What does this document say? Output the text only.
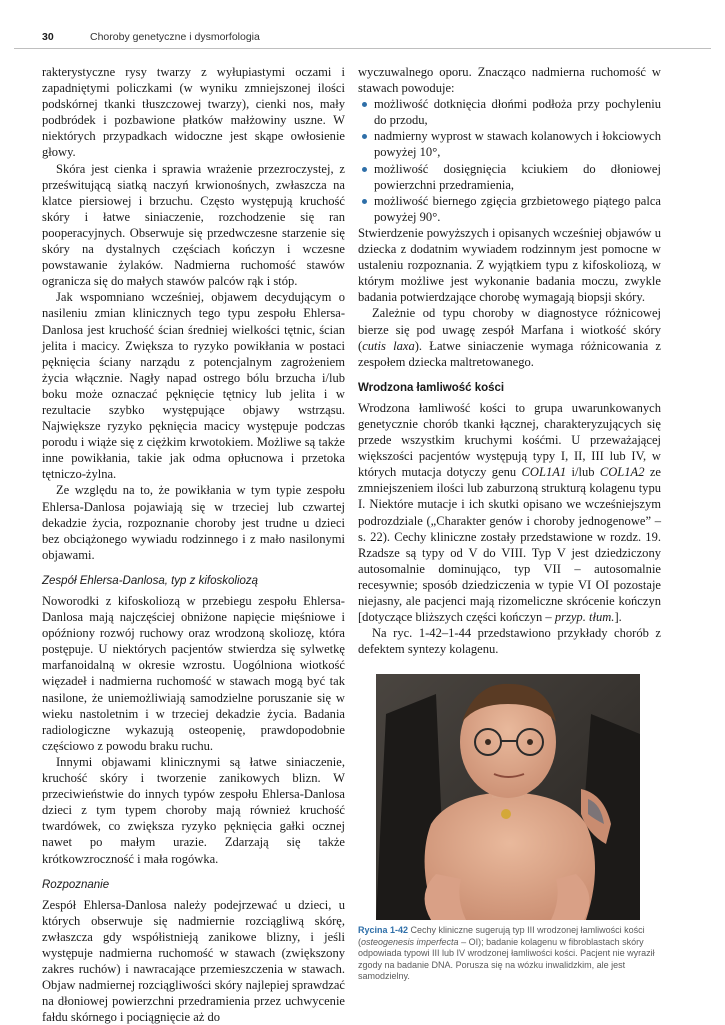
30	Choroby genetyczne i dysmorfologia

rakterystyczne rysy twarzy z wyłupiastymi oczami i zapadniętymi policzkami (w wyniku zmniejszonej ilości podskórnej tkanki tłuszczowej twarzy), cienki nos, mały podbródek i pozbawione płatków małżowiny uszne. W niektórych przypadkach widoczne jest skąpe owłosienie głowy.

Skóra jest cienka i sprawia wrażenie przezroczystej, z prześwitującą siatką naczyń krwionośnych, zwłaszcza na klatce piersiowej i brzuchu. Często występują kruchość skóry i łatwe siniaczenie, rozchodzenie się ran pooperacyjnych. Obserwuje się przedwczesne starzenie się skóry na dystalnych częściach kończyn i wczesne powstawanie żylaków. Nadmierna ruchomość stawów ogranicza się do małych stawów palców rąk i stóp.

Jak wspomniano wcześniej, objawem decydującym o nasileniu zmian klinicznych tego typu zespołu Ehlersa-Danlosa jest kruchość ścian średniej wielkości tętnic, ścian jelita i macicy. Zwiększa to ryzyko powikłania w postaci pęknięcia ściany narządu z potencjalnym zagrożeniem życia włącznie. Nagły napad ostrego bólu brzucha i/lub boku może oznaczać pęknięcie tętnicy lub jelita i w rezultacie szybko występujące objawy wstrząsu. Największe ryzyko pęknięcia macicy występuje podczas porodu i wiąże się z ciężkim krwotokiem. Możliwe są także inne powikłania, takie jak odma opłucnowa i przetoka tętniczo-żylna.

Ze względu na to, że powikłania w tym typie zespołu Ehlersa-Danlosa pojawiają się w trzeciej lub czwartej dekadzie życia, rozpoznanie choroby jest trudne u dzieci bez obciążonego wywiadu rodzinnego i z mało nasilonymi objawami.

Zespół Ehlersa-Danlosa, typ z kifoskoliozą

Noworodki z kifoskoliozą w przebiegu zespołu Ehlersa-Danlosa mają najczęściej obniżone napięcie mięśniowe i opóźniony rozwój ruchowy oraz wrodzoną skoliozę, która postępuje. U niektórych pacjentów stwierdza się sylwetkę marfanoidalną w okresie wzrostu. Uogólniona wiotkość więzadeł i nadmierna ruchomość w stawach mogą być tak nasilone, że uniemożliwiają samodzielne poruszanie się w wieku nastoletnim i w trzeciej dekadzie życia. Badania radiologiczne wykazują osteopenię, prawdopodobnie częściowo z powodu braku ruchu.

Innymi objawami klinicznymi są łatwe siniaczenie, kruchość skóry i tworzenie zanikowych blizn. W przeciwieństwie do innych typów zespołu Ehlersa-Danlosa dzieci z tym typem choroby mają również kruchość twardówek, co zwiększa ryzyko pęknięcia gałki ocznej nawet po małym urazie. Zdarzają się także krótkowzroczność i mała rogówka.

Rozpoznanie

Zespół Ehlersa-Danlosa należy podejrzewać u dzieci, u których obserwuje się nadmiernie rozciągliwą skórę, zwłaszcza gdy współistnieją zanikowe blizny, i jeśli występuje nadmierna ruchomość w stawach (zwiększony zakres ruchów) i nawracające przemieszczenia w stawach. Objaw nadmiernej rozciągliwości skóry najlepiej sprawdzać na dłoniowej powierzchni przedramienia przez uchwycenie fałdu skórnego i pociągnięcie aż do

wyczuwalnego oporu. Znacząco nadmierna ruchomość w stawach powoduje:

możliwość dotknięcia dłońmi podłoża przy pochyleniu do przodu,
nadmierny wyprost w stawach kolanowych i łokciowych powyżej 10°,
możliwość dosięgnięcia kciukiem do dłoniowej powierzchni przedramienia,
możliwość biernego zgięcia grzbietowego piątego palca powyżej 90°.

Stwierdzenie powyższych i opisanych wcześniej objawów u dziecka z dodatnim wywiadem rodzinnym jest pomocne w ustaleniu rozpoznania. Z wyjątkiem typu z kifoskoliozą, w którym możliwe jest wykonanie badania moczu, zwykle badania potwierdzające chorobę wymagają biopsji skóry.

Zależnie od typu choroby w diagnostyce różnicowej bierze się pod uwagę zespół Marfana i wiotkość skóry (cutis laxa). Łatwe siniaczenie wymaga różnicowania z zespołem dziecka maltretowanego.

Wrodzona łamliwość kości

Wrodzona łamliwość kości to grupa uwarunkowanych genetycznie chorób tkanki łącznej, charakteryzujących się przede wszystkim kruchymi kośćmi. U przeważającej większości pacjentów występują typy I, II, III lub IV, w których mutacja dotyczy genu COL1A1 i/lub COL1A2 ze zmniejszeniem ilości lub zaburzoną strukturą kolagenu typu I. Niektóre mutacje i ich skutki opisano we wcześniejszym podrozdziale („Charakter genów i choroby jednogenowe” – s. 22). Cechy kliniczne zostały przedstawione w rozdz. 19. Rzadsze są typy od V do VIII. Typ V jest dziedziczony autosomalnie dominująco, typ VII – autosomalnie recesywnie; sposób dziedziczenia w typie VI OI pozostaje niejasny, ale pacjenci mają rizomeliczne skrócenie kończyn [dotyczące bliższych części kończyn – przyp. tłum.].

Na ryc. 1-42–1-44 przedstawiono przykłady chorób z defektem syntezy kolagenu.

Rycina 1-42 Cechy kliniczne sugerują typ III wrodzonej łamliwości kości (osteogenesis imperfecta – OI); badanie kolagenu w fibroblastach skóry odpowiada typowi III lub IV wrodzonej łamliwości kości. Pacjent nie wyraził zgody na badanie DNA. Porusza się na wózku inwalidzkim, ale jest samodzielny.
